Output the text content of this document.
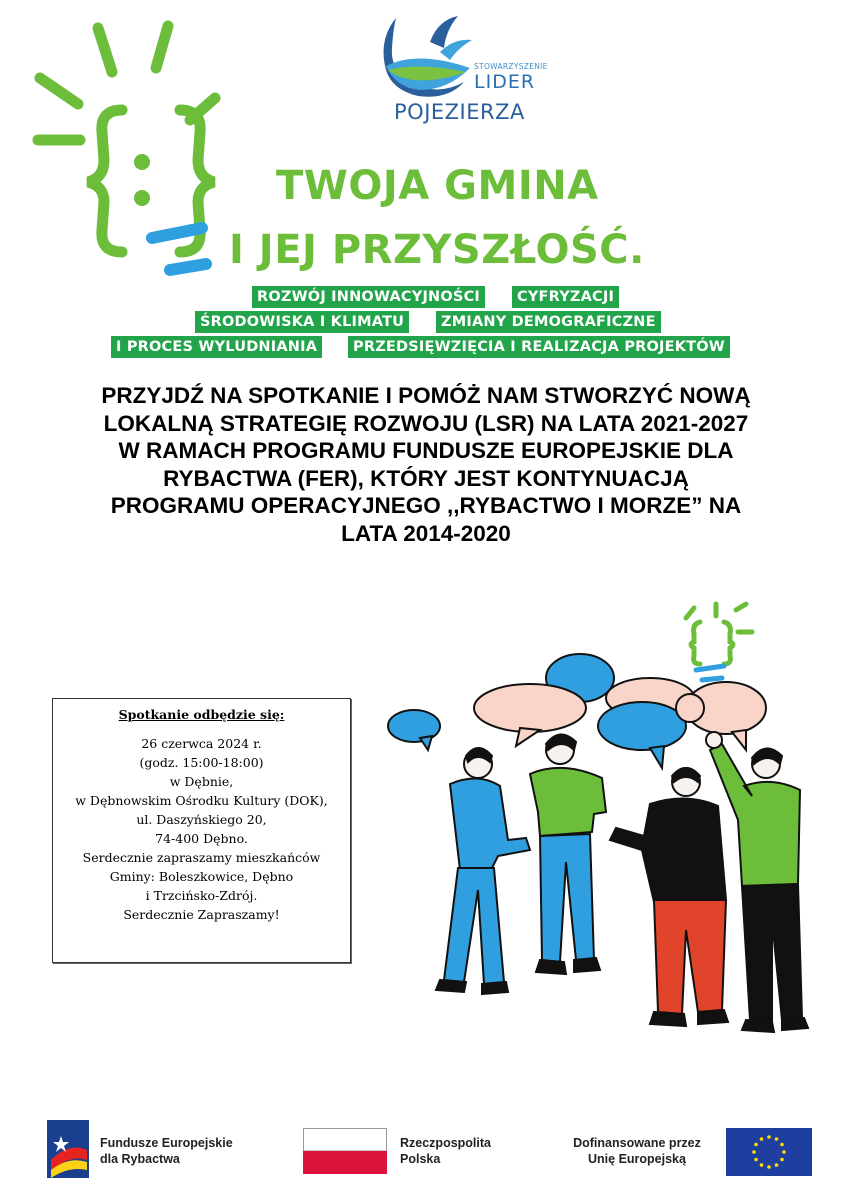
STOWARZYSZENIE
LIDER
POJEZIERZA
TWOJA GMINA
I JEJ PRZYSZŁOŚĆ.
ROZWÓJ INNOWACYJNOŚCI	CYFRYZACJI
ŚRODOWISKA I KLIMATU	ZMIANY DEMOGRAFICZNE
I PROCES WYLUDNIANIA	PRZEDSIĘWZIĘCIA I REALIZACJA PROJEKTÓW
PRZYJDŹ NA SPOTKANIE I POMÓŻ NAM STWORZYĆ NOWĄ
LOKALNĄ STRATEGIĘ ROZWOJU (LSR) NA LATA 2021-2027
W RAMACH PROGRAMU FUNDUSZE EUROPEJSKIE DLA
RYBACTWA (FER), KTÓRY JEST KONTYNUACJĄ
PROGRAMU OPERACYJNEGO ,,RYBACTWO I MORZE” NA
LATA 2014-2020
Spotkanie odbędzie się:
26 czerwca 2024 r.
(godz. 15:00-18:00)
w Dębnie,
w Dębnowskim Ośrodku Kultury (DOK),
ul. Daszyńskiego 20,
74-400 Dębno.
Serdecznie zapraszamy mieszkańców
Gminy: Boleszkowice, Dębno
i Trzcińsko-Zdrój.
Serdecznie Zapraszamy!
Fundusze Europejskie
dla Rybactwa
Rzeczpospolita
Polska
Dofinansowane przez
Unię Europejską
